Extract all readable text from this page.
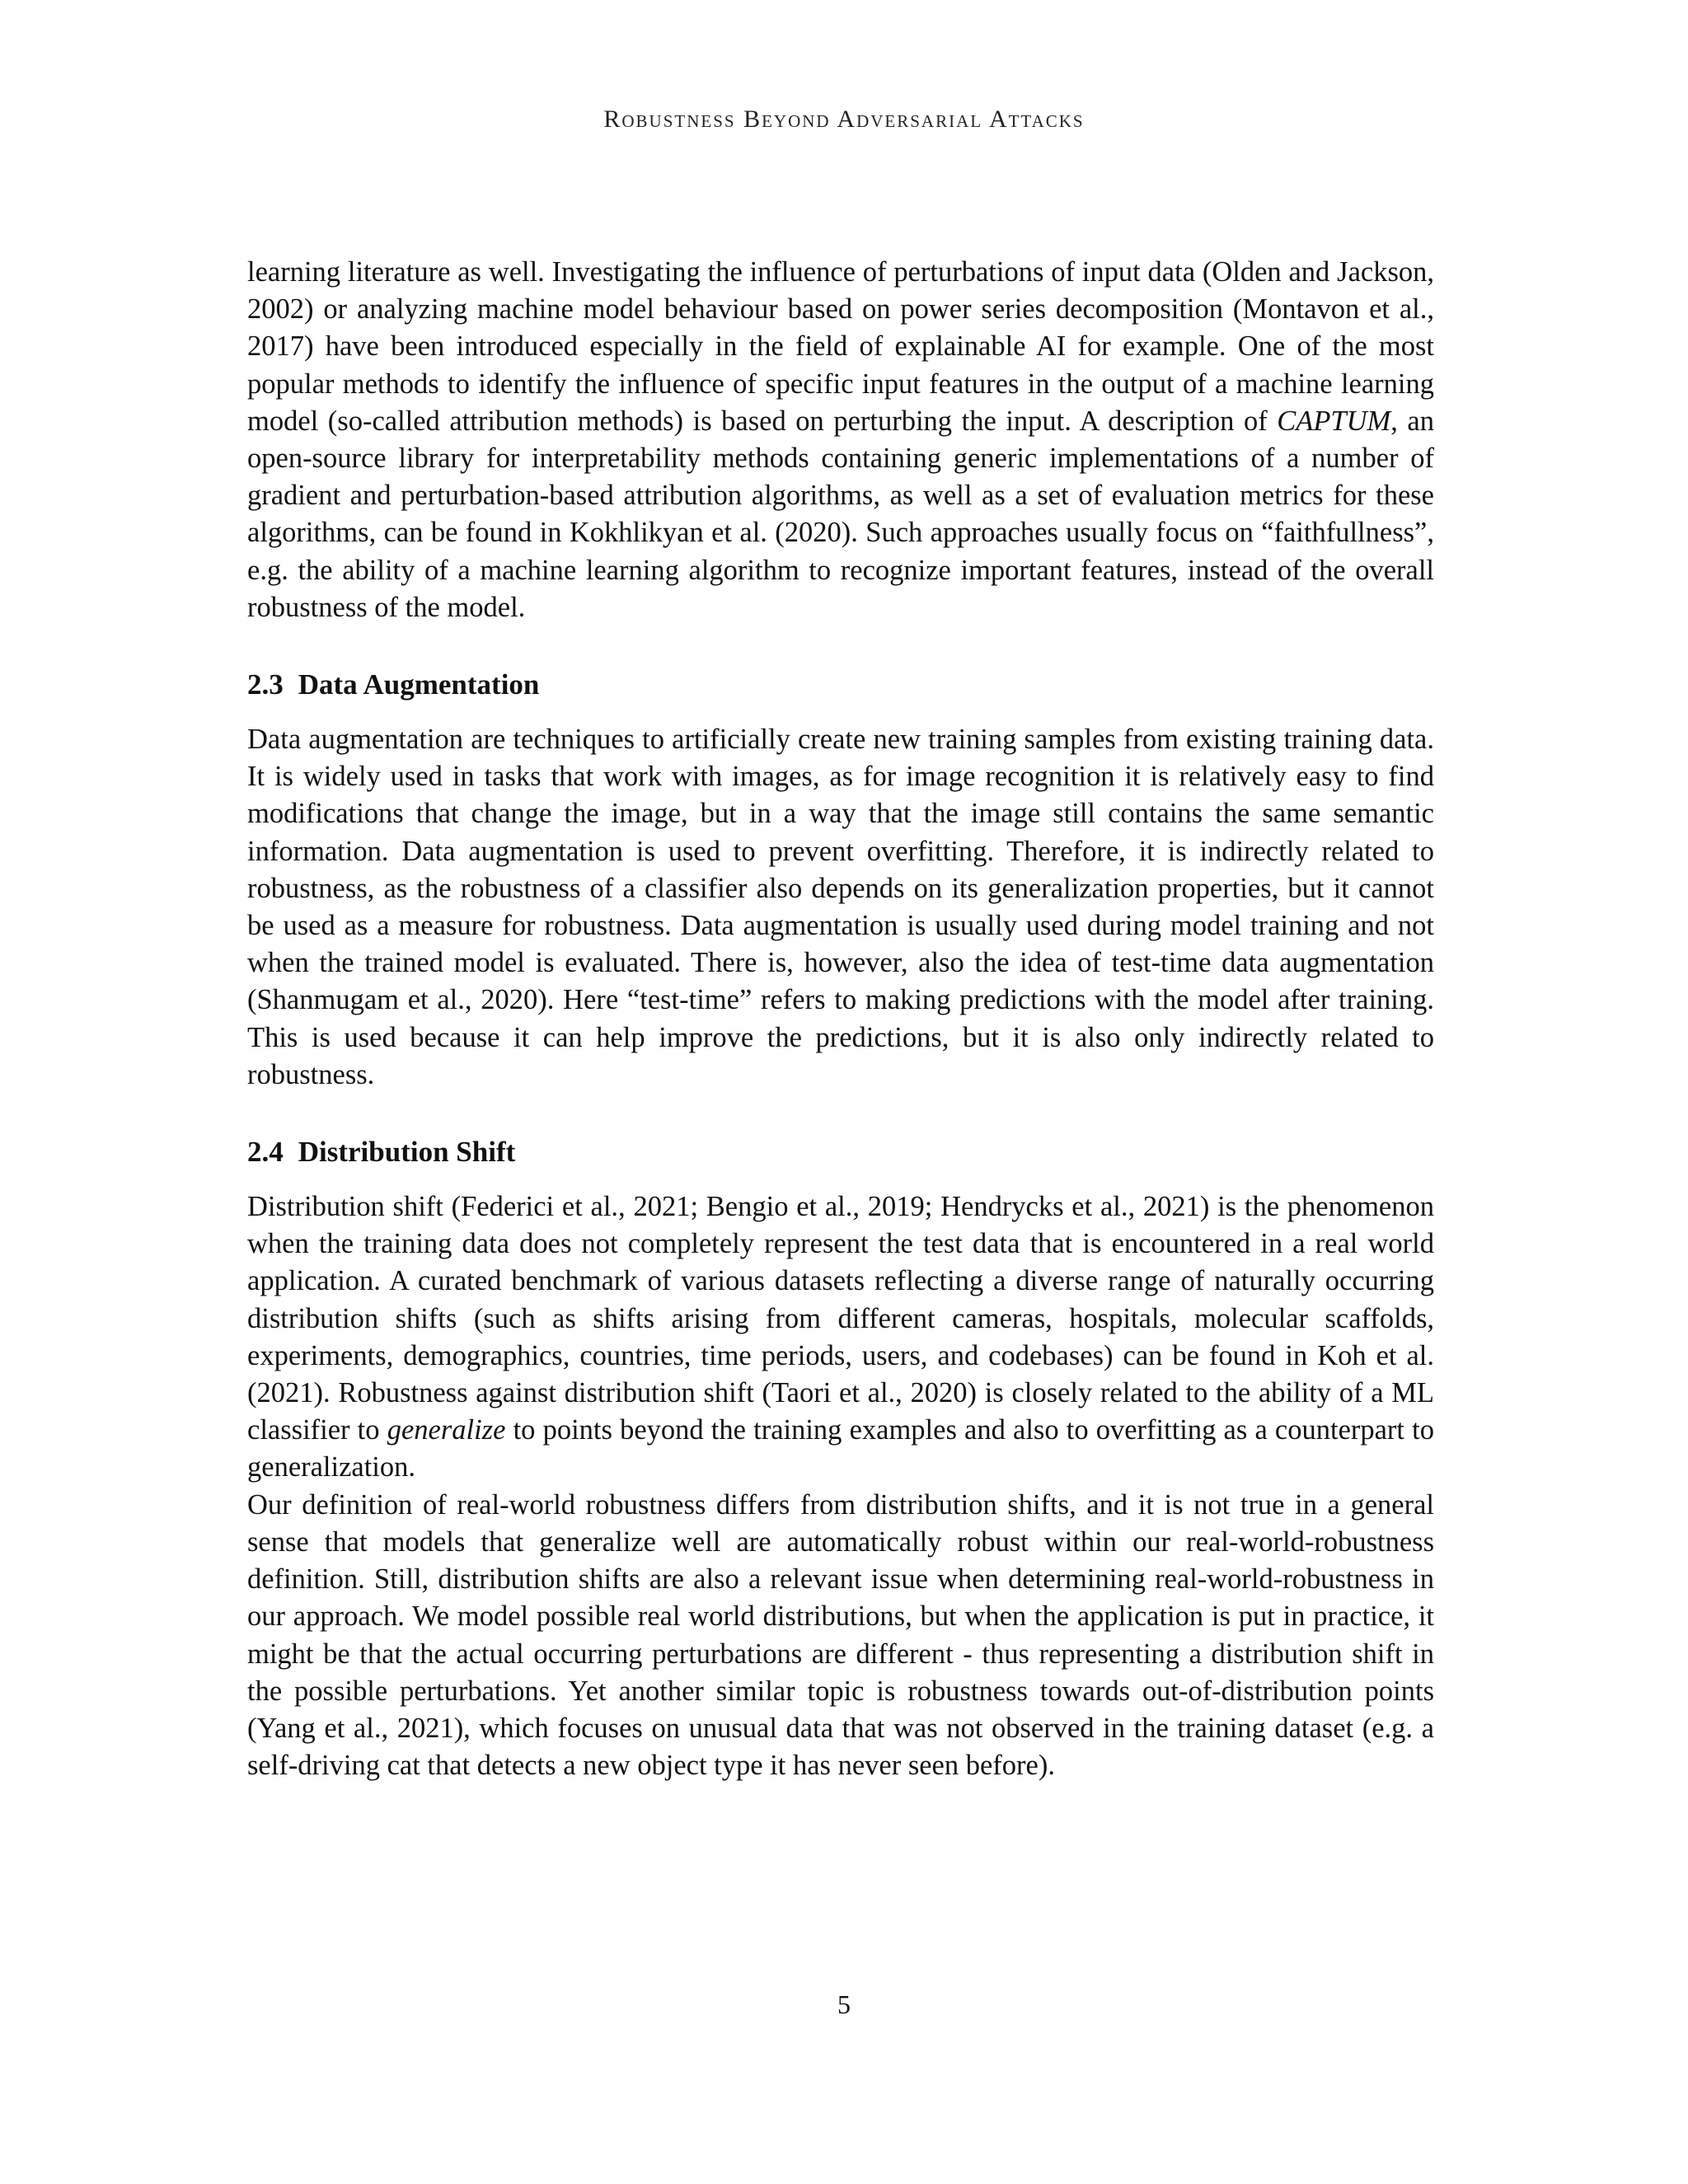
Robustness Beyond Adversarial Attacks

learning literature as well. Investigating the influence of perturbations of input data (Olden and Jackson, 2002) or analyzing machine model behaviour based on power series decomposition (Montavon et al., 2017) have been introduced especially in the field of explainable AI for example. One of the most popular methods to identify the influence of specific input features in the output of a machine learning model (so-called attribution methods) is based on perturbing the input. A description of CAPTUM, an open-source library for interpretability methods containing generic implementations of a number of gradient and perturbation-based attribution algorithms, as well as a set of evaluation metrics for these algorithms, can be found in Kokhlikyan et al. (2020). Such approaches usually focus on “faithfullness”, e.g. the ability of a machine learning algorithm to recognize important features, instead of the overall robustness of the model.

2.3 Data Augmentation

Data augmentation are techniques to artificially create new training samples from existing training data. It is widely used in tasks that work with images, as for image recognition it is relatively easy to find modifications that change the image, but in a way that the image still contains the same semantic information. Data augmentation is used to prevent overfitting. Therefore, it is indirectly related to robustness, as the robustness of a classifier also depends on its generalization properties, but it cannot be used as a measure for robustness. Data augmentation is usually used during model training and not when the trained model is evaluated. There is, however, also the idea of test-time data augmentation (Shanmugam et al., 2020). Here “test-time” refers to making predictions with the model after training. This is used because it can help improve the predictions, but it is also only indirectly related to robustness.

2.4 Distribution Shift

Distribution shift (Federici et al., 2021; Bengio et al., 2019; Hendrycks et al., 2021) is the phenomenon when the training data does not completely represent the test data that is encountered in a real world application. A curated benchmark of various datasets reflecting a diverse range of naturally occurring distribution shifts (such as shifts arising from different cameras, hospitals, molecular scaffolds, experiments, demographics, countries, time periods, users, and codebases) can be found in Koh et al. (2021). Robustness against distribution shift (Taori et al., 2020) is closely related to the ability of a ML classifier to generalize to points beyond the training examples and also to overfitting as a counterpart to generalization.

Our definition of real-world robustness differs from distribution shifts, and it is not true in a general sense that models that generalize well are automatically robust within our real-world-robustness definition. Still, distribution shifts are also a relevant issue when determining real-world-robustness in our approach. We model possible real world distributions, but when the application is put in practice, it might be that the actual occurring perturbations are different - thus representing a distribution shift in the possible perturbations. Yet another similar topic is robustness towards out-of-distribution points (Yang et al., 2021), which focuses on unusual data that was not observed in the training dataset (e.g. a self-driving cat that detects a new object type it has never seen before).

5
